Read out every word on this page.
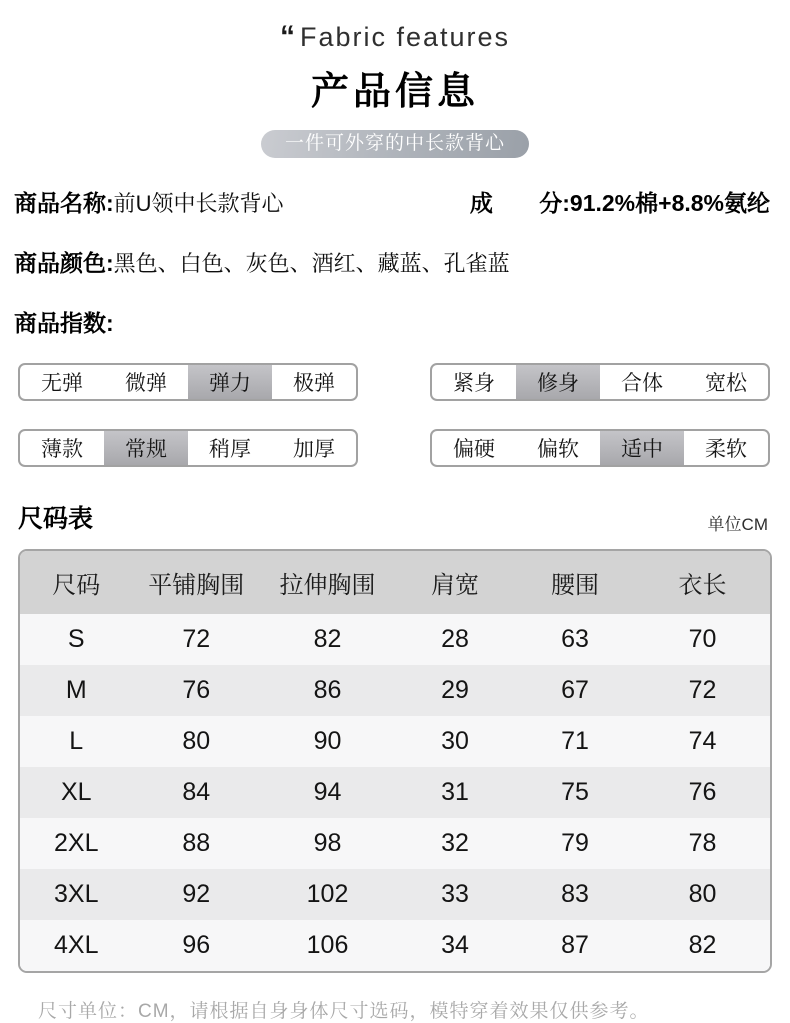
“ Fabric features
产品信息
一件可外穿的中长款背心
商品名称:前U领中长款背心	成 分: 91.2%棉+8.8%氨纶
商品颜色: 黑色、白色、灰色、酒红、藏蓝、孔雀蓝
商品指数:
无弹	微弹	弹力	极弹	紧身	修身	合体	宽松
薄款	常规	稍厚	加厚	偏硬	偏软	适中	柔软
尺码表	单位CM
尺码	平铺胸围	拉伸胸围	肩宽	腰围	衣长
S	72	82	28	63	70
M	76	86	29	67	72
L	80	90	30	71	74
XL	84	94	31	75	76
2XL	88	98	32	79	78
3XL	92	102	33	83	80
4XL	96	106	34	87	82
尺寸单位：CM，请根据自身身体尺寸选码，模特穿着效果仅供参考。
